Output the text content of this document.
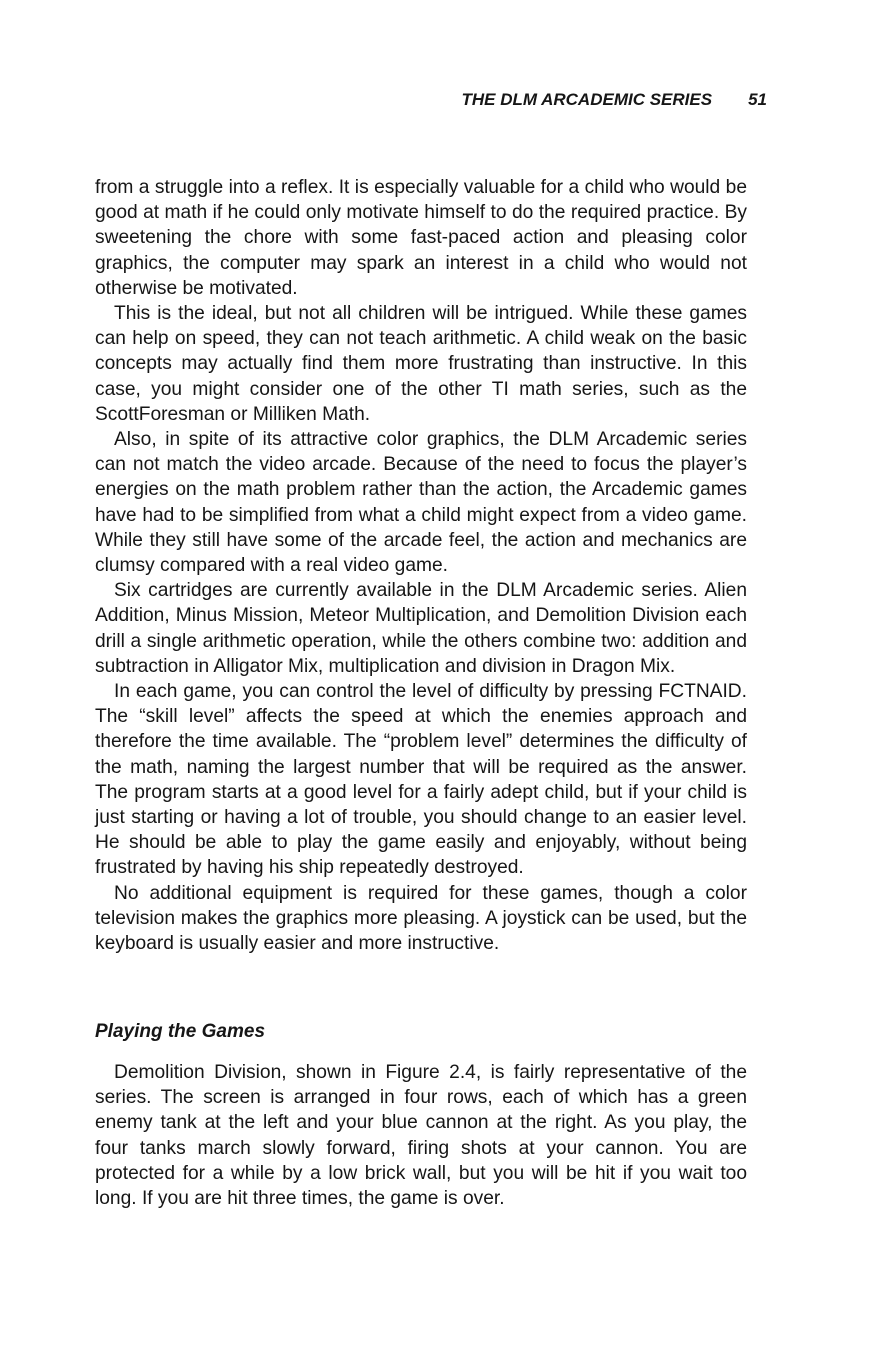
THE DLM ARCADEMIC SERIES 51

from a struggle into a reflex. It is especially valuable for a child who would be good at math if he could only motivate himself to do the required practice. By sweetening the chore with some fast-paced action and pleasing color graphics, the computer may spark an interest in a child who would not otherwise be motivated.

This is the ideal, but not all children will be intrigued. While these games can help on speed, they can not teach arithmetic. A child weak on the basic concepts may actually find them more frustrating than instructive. In this case, you might consider one of the other TI math series, such as the ScottForesman or Milliken Math.

Also, in spite of its attractive color graphics, the DLM Arcademic series can not match the video arcade. Because of the need to focus the player’s energies on the math problem rather than the action, the Arcademic games have had to be simplified from what a child might expect from a video game. While they still have some of the arcade feel, the action and mechanics are clumsy compared with a real video game.

Six cartridges are currently available in the DLM Arcademic series. Alien Addition, Minus Mission, Meteor Multiplication, and Demolition Division each drill a single arithmetic operation, while the others combine two: addition and subtraction in Alligator Mix, multiplication and division in Dragon Mix.

In each game, you can control the level of difficulty by pressing FCTNAID. The “skill level” affects the speed at which the enemies approach and therefore the time available. The “problem level” determines the difficulty of the math, naming the largest number that will be required as the answer. The program starts at a good level for a fairly adept child, but if your child is just starting or having a lot of trouble, you should change to an easier level. He should be able to play the game easily and enjoyably, without being frustrated by having his ship repeatedly destroyed.

No additional equipment is required for these games, though a color television makes the graphics more pleasing. A joystick can be used, but the keyboard is usually easier and more instructive.

Playing the Games

Demolition Division, shown in Figure 2.4, is fairly representative of the series. The screen is arranged in four rows, each of which has a green enemy tank at the left and your blue cannon at the right. As you play, the four tanks march slowly forward, firing shots at your cannon. You are protected for a while by a low brick wall, but you will be hit if you wait too long. If you are hit three times, the game is over.
